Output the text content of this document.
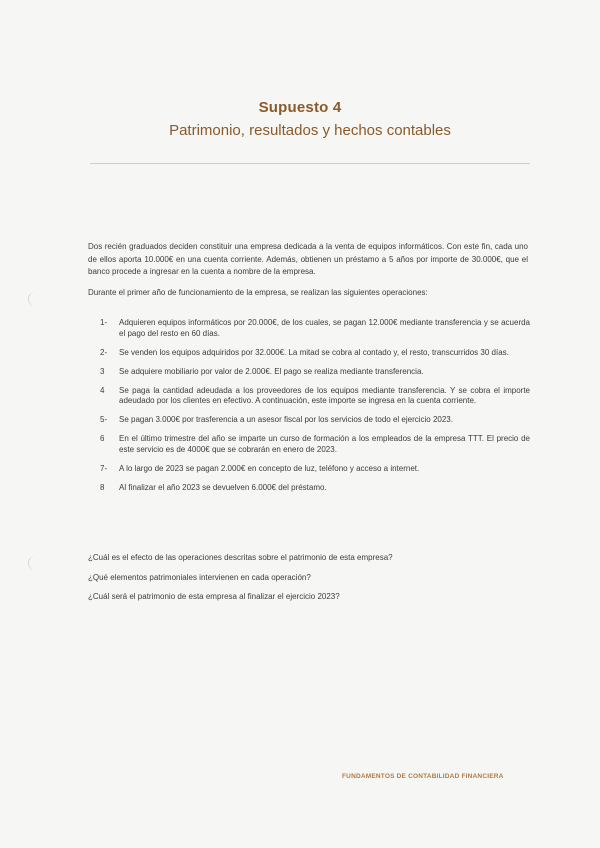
Supuesto 4
Patrimonio, resultados y hechos contables
Dos recién graduados deciden constituir una empresa dedicada a la venta de equipos informáticos. Con este fin, cada uno de ellos aporta 10.000€ en una cuenta corriente. Además, obtienen un préstamo a 5 años por importe de 30.000€, que el banco procede a ingresar en la cuenta a nombre de la empresa.
Durante el primer año de funcionamiento de la empresa, se realizan las siguientes operaciones:
1-	Adquieren equipos informáticos por 20.000€, de los cuales, se pagan 12.000€ mediante transferencia y se acuerda el pago del resto en 60 días.
2-	Se venden los equipos adquiridos por 32.000€. La mitad se cobra al contado y, el resto, transcurridos 30 días.
3	Se adquiere mobiliario por valor de 2.000€. El pago se realiza mediante transferencia.
4	Se paga la cantidad adeudada a los proveedores de los equipos mediante transferencia. Y se cobra el importe adeudado por los clientes en efectivo. A continuación, este importe se ingresa en la cuenta corriente.
5-	Se pagan 3.000€ por trasferencia a un asesor fiscal por los servicios de todo el ejercicio 2023.
6	En el último trimestre del año se imparte un curso de formación a los empleados de la empresa TTT. El precio de este servicio es de 4000€ que se cobrarán en enero de 2023.
7-	A lo largo de 2023 se pagan 2.000€ en concepto de luz, teléfono y acceso a internet.
8	Al finalizar el año 2023 se devuelven 6.000€ del préstamo.
¿Cuál es el efecto de las operaciones descritas sobre el patrimonio de esta empresa?
¿Qué elementos patrimoniales intervienen en cada operación?
¿Cuál será el patrimonio de esta empresa al finalizar el ejercicio 2023?
FUNDAMENTOS DE CONTABILIDAD FINANCIERA
